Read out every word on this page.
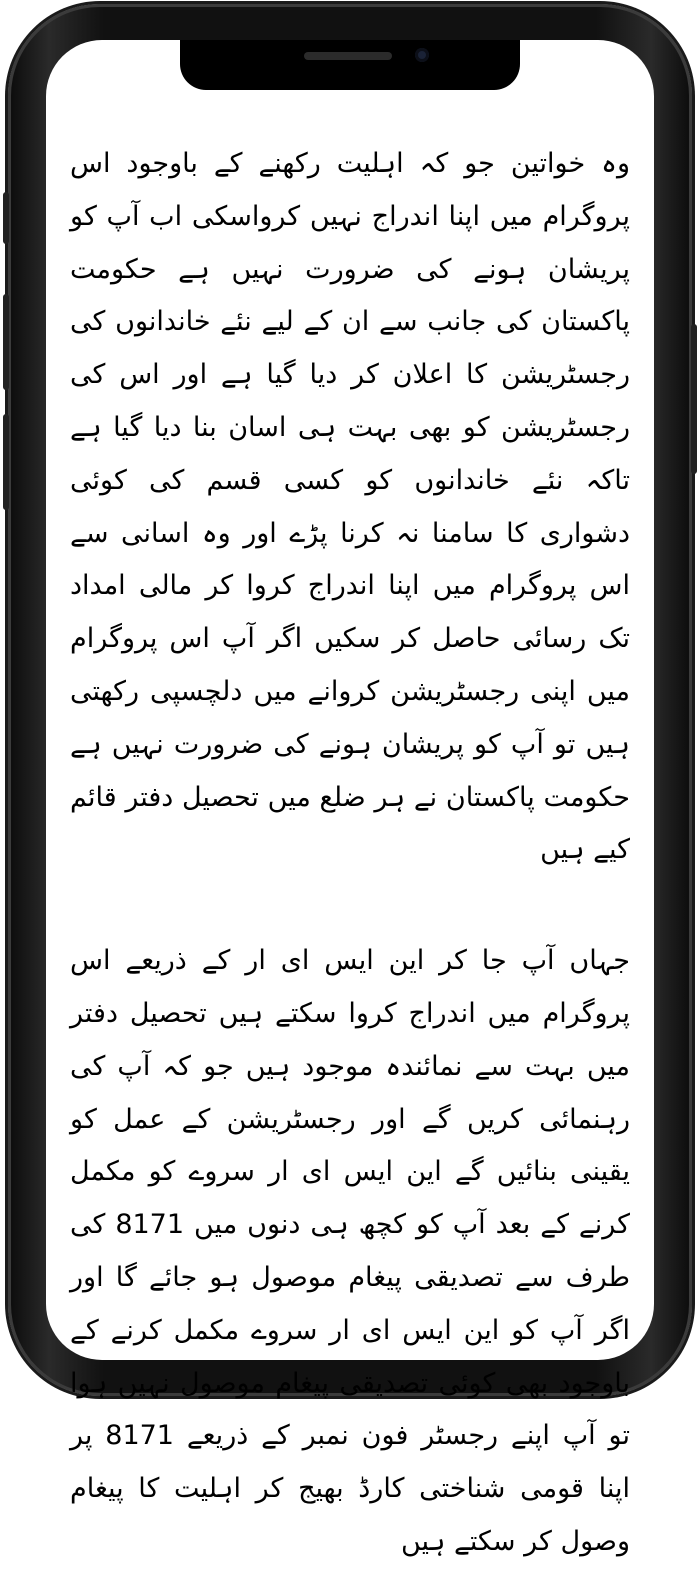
وہ خواتین جو کہ اہلیت رکھنے کے باوجود اس پروگرام میں اپنا اندراج نہیں کرواسکی اب آپ کو پریشان ہونے کی ضرورت نہیں ہے حکومت پاکستان کی جانب سے ان کے لیے نئے خاندانوں کی رجسٹریشن کا اعلان کر دیا گیا ہے اور اس کی رجسٹریشن کو بھی بہت ہی اسان بنا دیا گیا ہے تاکہ نئے خاندانوں کو کسی قسم کی کوئی دشواری کا سامنا نہ کرنا پڑے اور وہ اسانی سے اس پروگرام میں اپنا اندراج کروا کر مالی امداد تک رسائی حاصل کر سکیں اگر آپ اس پروگرام میں اپنی رجسٹریشن کروانے میں دلچسپی رکھتی ہیں تو آپ کو پریشان ہونے کی ضرورت نہیں ہے حکومت پاکستان نے ہر ضلع میں تحصیل دفتر قائم کیے ہیں

جہاں آپ جا کر این ایس ای ار کے ذریعے اس پروگرام میں اندراج کروا سکتے ہیں تحصیل دفتر میں بہت سے نمائندہ موجود ہیں جو کہ آپ کی رہنمائی کریں گے اور رجسٹریشن کے عمل کو یقینی بنائیں گے این ایس ای ار سروے کو مکمل کرنے کے بعد آپ کو کچھ ہی دنوں میں 8171 کی طرف سے تصدیقی پیغام موصول ہو جائے گا اور اگر آپ کو این ایس ای ار سروے مکمل کرنے کے باوجود بھی کوئی تصدیقی پیغام موصول نہیں ہوا تو آپ اپنے رجسٹر فون نمبر کے ذریعے 8171 پر اپنا قومی شناختی کارڈ بھیج کر اہلیت کا پیغام وصول کر سکتے ہیں
